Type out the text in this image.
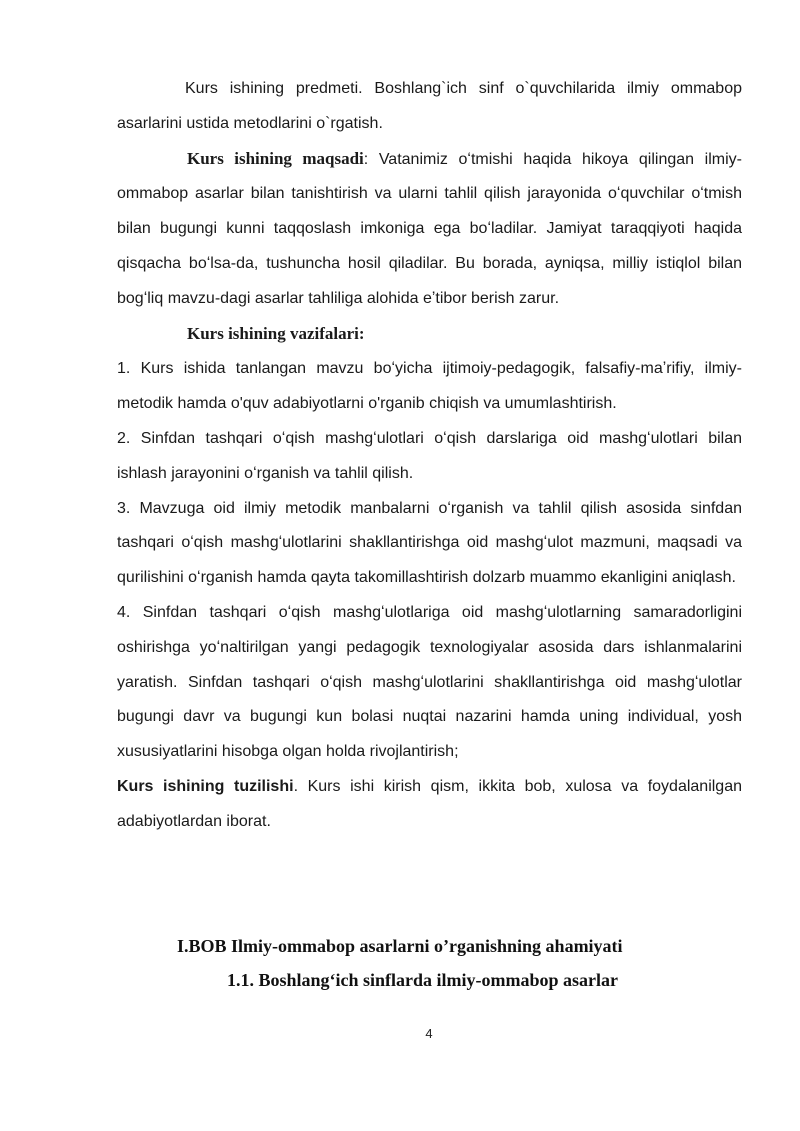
Kurs ishining predmeti. Boshlang`ich sinf o`quvchilarida ilmiy ommabop asarlarini ustida metodlarini o`rgatish.

Kurs ishining maqsadi: Vatanimiz oʻtmishi haqida hikoya qilingan ilmiy-ommabop asarlar bilan tanishtirish va ularni tahlil qilish jarayonida oʻquvchilar oʻtmish bilan bugungi kunni taqqoslash imkoniga ega boʻladilar. Jamiyat taraqqiyoti haqida qisqacha boʻlsa-da, tushuncha hosil qiladilar. Bu borada, ayniqsa, milliy istiqlol bilan bogʻliq mavzu-dagi asarlar tahliliga alohida eʼtibor berish zarur.

Kurs ishining vazifalari:

1. Kurs ishida tanlangan mavzu boʻyicha ijtimoiy-pedagogik, falsafiy-maʼrifiy, ilmiy-metodik hamda o'quv adabiyotlarni o'rganib chiqish va umumlashtirish.

2. Sinfdan tashqari oʻqish mashgʻulotlari oʻqish darslariga oid mashgʻulotlari bilan ishlash jarayonini oʻrganish va tahlil qilish.

3. Mavzuga oid ilmiy metodik manbalarni oʻrganish va tahlil qilish asosida sinfdan tashqari oʻqish mashgʻulotlarini shakllantirishga oid mashgʻulot mazmuni, maqsadi va qurilishini oʻrganish hamda qayta takomillashtirish dolzarb muammo ekanligini aniqlash.

4. Sinfdan tashqari oʻqish mashgʻulotlariga oid mashgʻulotlarning samaradorligini oshirishga yoʻnaltirilgan yangi pedagogik texnologiyalar asosida dars ishlanmalarini yaratish. Sinfdan tashqari oʻqish mashgʻulotlarini shakllantirishga oid mashgʻulotlar bugungi davr va bugungi kun bolasi nuqtai nazarini hamda uning individual, yosh xususiyatlarini hisobga olgan holda rivojlantirish;

Kurs ishining tuzilishi. Kurs ishi kirish qism, ikkita bob, xulosa va foydalanilgan adabiyotlardan iborat.

I.BOB Ilmiy-ommabop asarlarni o’rganishning ahamiyati
1.1. Boshlangʻich sinflarda ilmiy-ommabop asarlar
4
